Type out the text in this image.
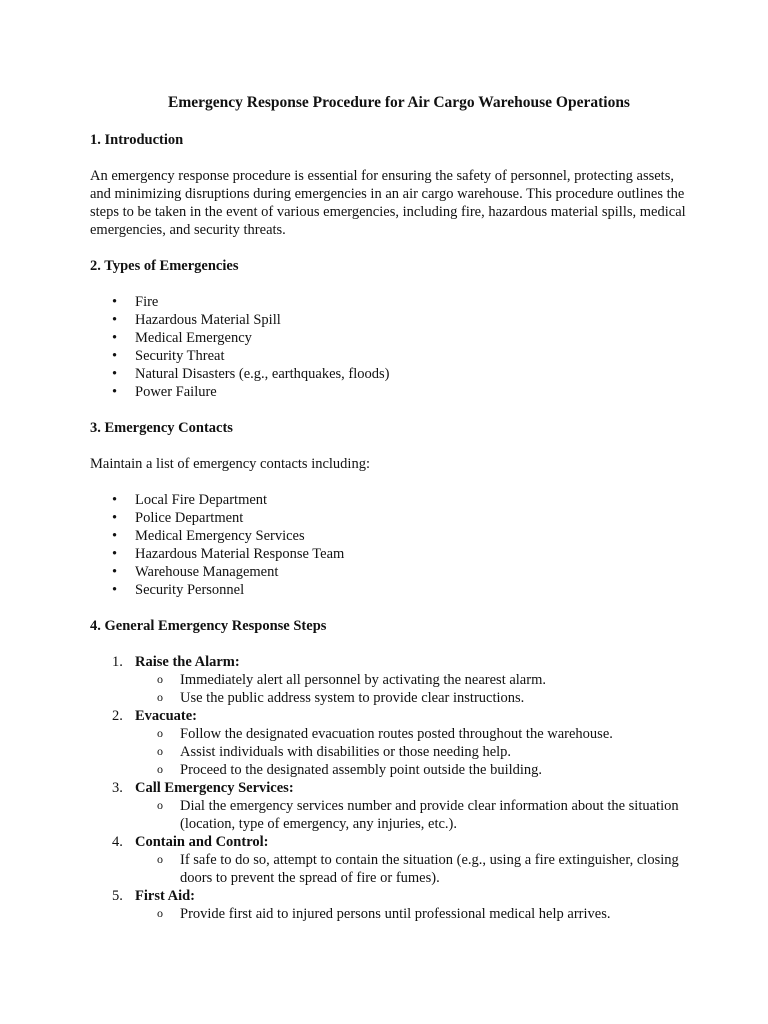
Emergency Response Procedure for Air Cargo Warehouse Operations
1. Introduction

An emergency response procedure is essential for ensuring the safety of personnel, protecting assets, and minimizing disruptions during emergencies in an air cargo warehouse. This procedure outlines the steps to be taken in the event of various emergencies, including fire, hazardous material spills, medical emergencies, and security threats.

2. Types of Emergencies
• Fire
• Hazardous Material Spill
• Medical Emergency
• Security Threat
• Natural Disasters (e.g., earthquakes, floods)
• Power Failure
3. Emergency Contacts

Maintain a list of emergency contacts including:

• Local Fire Department
• Police Department
• Medical Emergency Services
• Hazardous Material Response Team
• Warehouse Management
• Security Personnel
4. General Emergency Response Steps
1. Raise the Alarm:
o Immediately alert all personnel by activating the nearest alarm.
o Use the public address system to provide clear instructions.
2. Evacuate:
o Follow the designated evacuation routes posted throughout the warehouse.
o Assist individuals with disabilities or those needing help.
o Proceed to the designated assembly point outside the building.
3. Call Emergency Services:
o Dial the emergency services number and provide clear information about the situation (location, type of emergency, any injuries, etc.).
4. Contain and Control:
o If safe to do so, attempt to contain the situation (e.g., using a fire extinguisher, closing doors to prevent the spread of fire or fumes).
5. First Aid:
o Provide first aid to injured persons until professional medical help arrives.
